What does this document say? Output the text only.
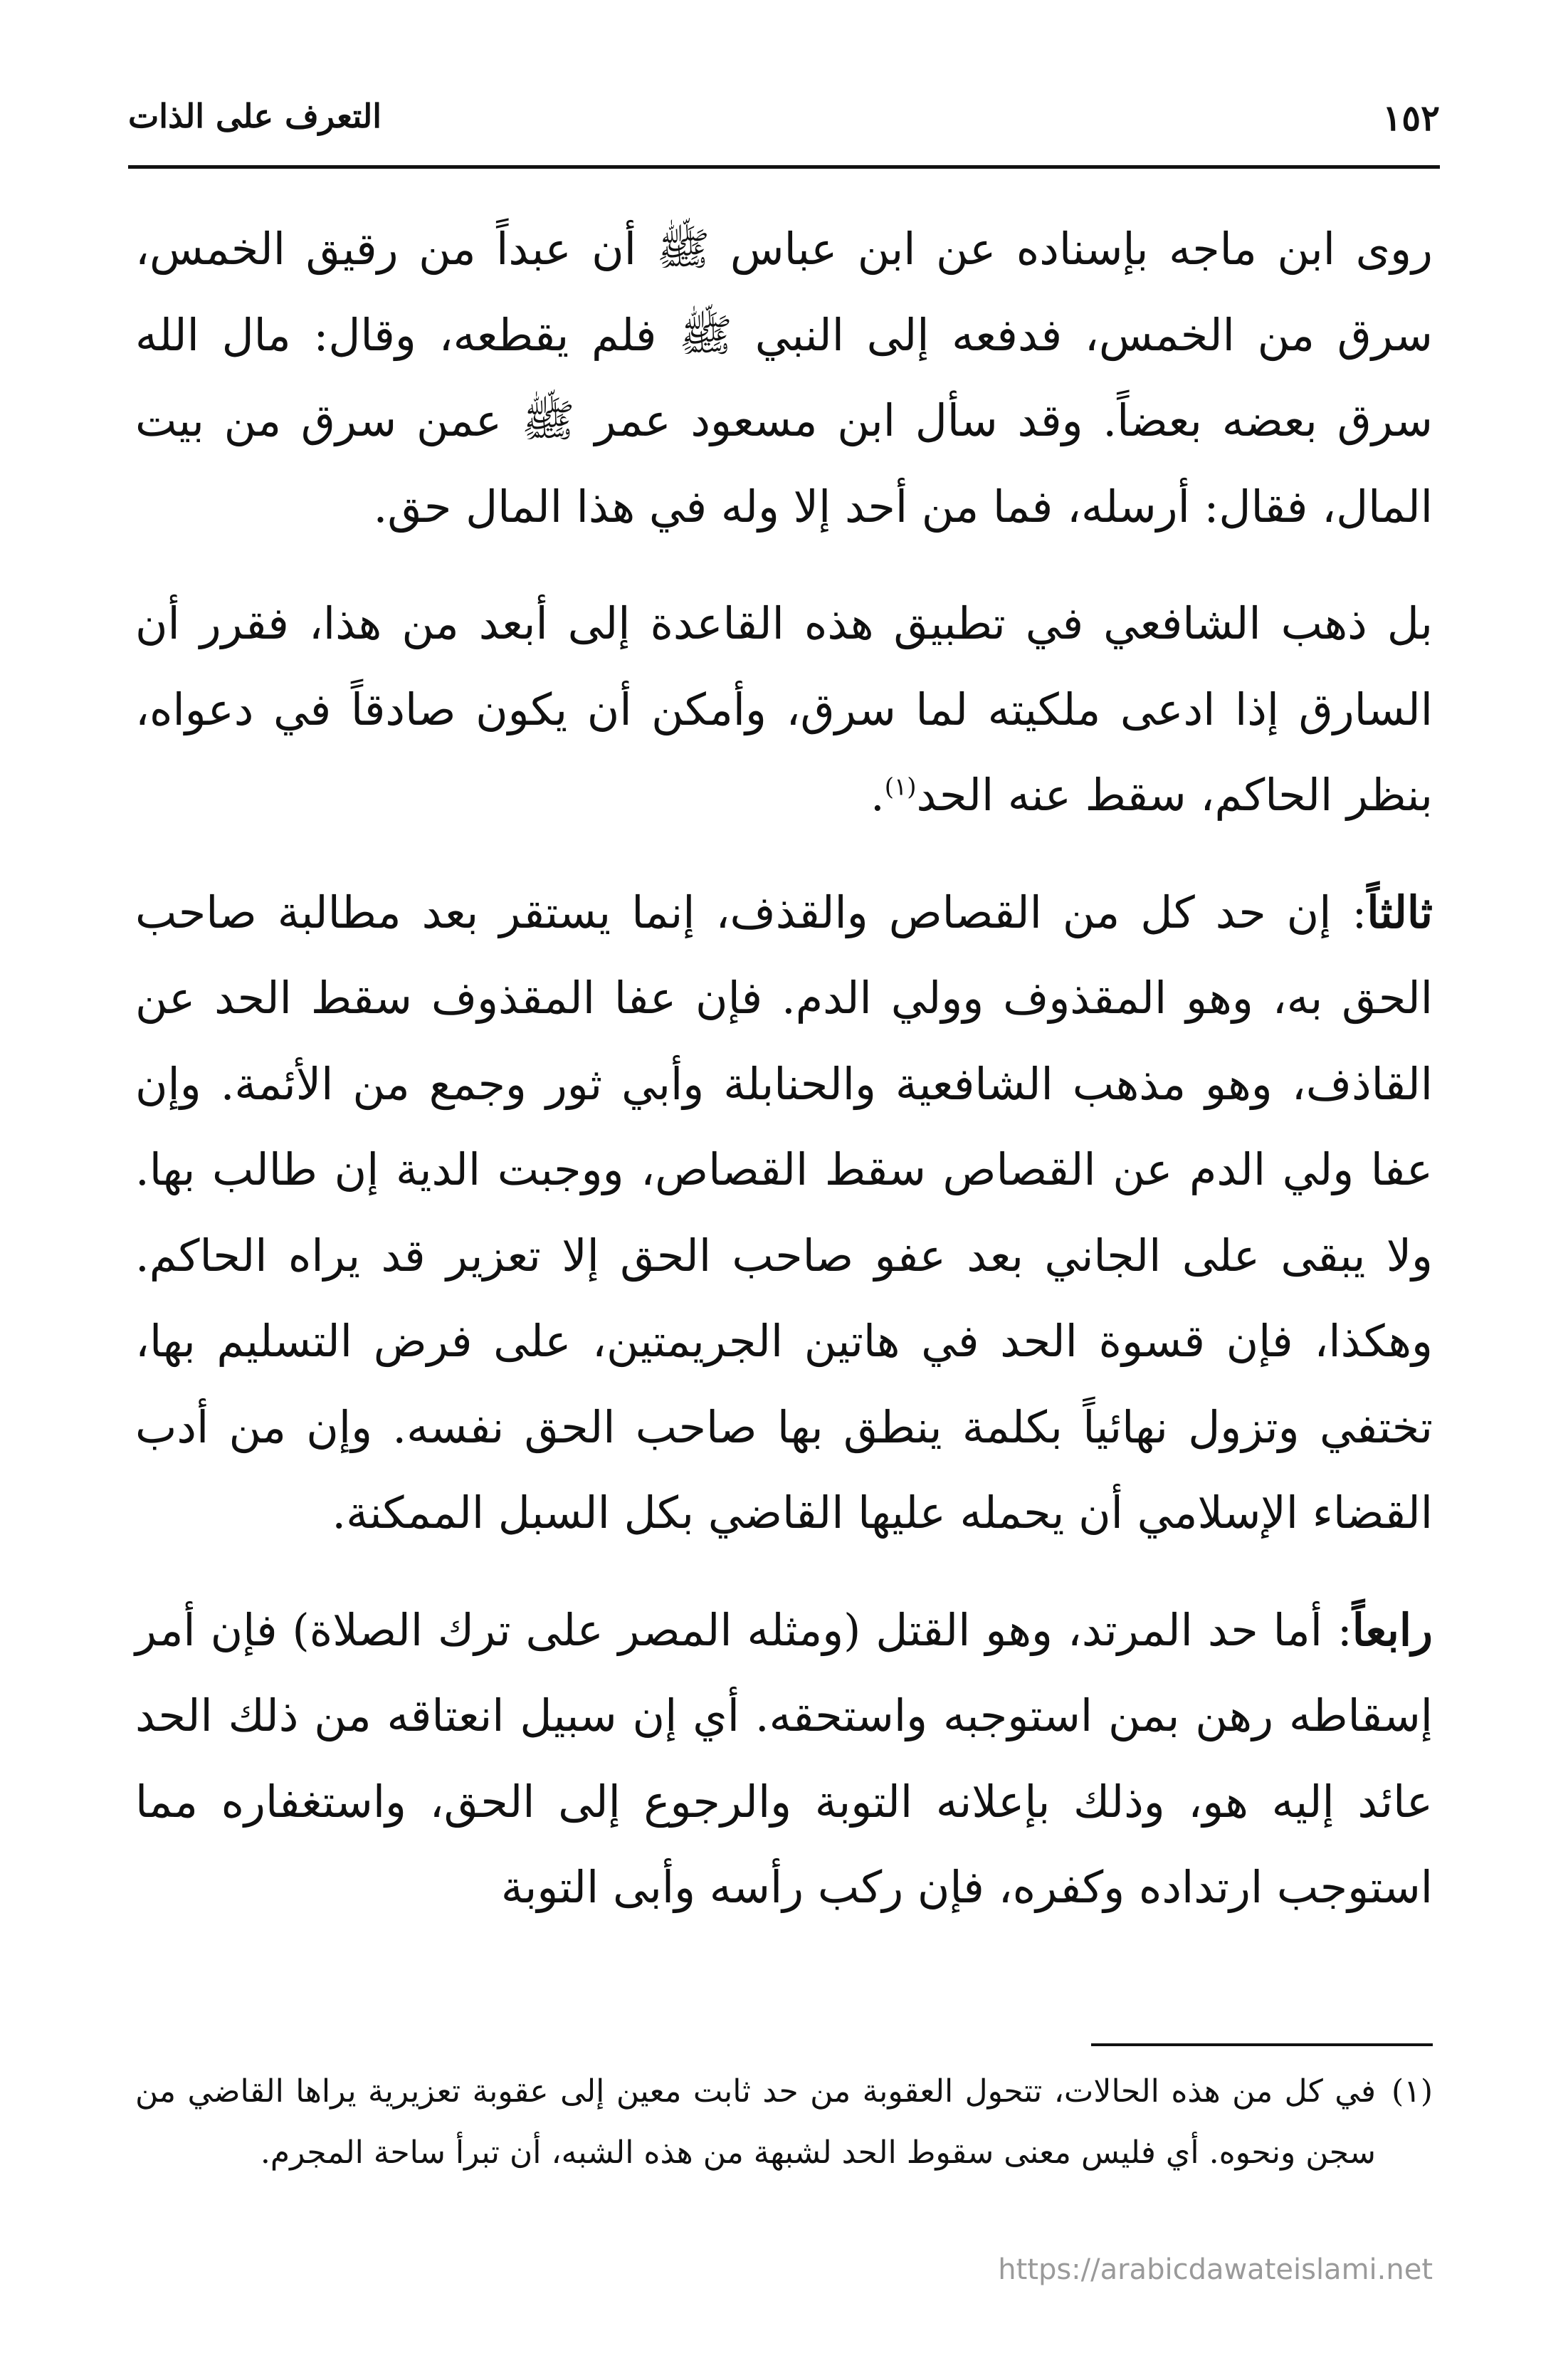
١٥٢
التعرف على الذات

روى ابن ماجه بإسناده عن ابن عباس ﷺ أن عبداً من رقيق الخمس، سرق من الخمس، فدفعه إلى النبي ﷺ فلم يقطعه، وقال: مال الله سرق بعضه بعضاً. وقد سأل ابن مسعود عمر ﷺ عمن سرق من بيت المال، فقال: أرسله، فما من أحد إلا وله في هذا المال حق.

بل ذهب الشافعي في تطبيق هذه القاعدة إلى أبعد من هذا، فقرر أن السارق إذا ادعى ملكيته لما سرق، وأمكن أن يكون صادقاً في دعواه، بنظر الحاكم، سقط عنه الحد$^{(١)}$.

ثالثاً: إن حد كل من القصاص والقذف، إنما يستقر بعد مطالبة صاحب الحق به، وهو المقذوف وولي الدم. فإن عفا المقذوف سقط الحد عن القاذف، وهو مذهب الشافعية والحنابلة وأبي ثور وجمع من الأئمة. وإن عفا ولي الدم عن القصاص سقط القصاص، ووجبت الدية إن طالب بها. ولا يبقى على الجاني بعد عفو صاحب الحق إلا تعزير قد يراه الحاكم. وهكذا، فإن قسوة الحد في هاتين الجريمتين، على فرض التسليم بها، تختفي وتزول نهائياً بكلمة ينطق بها صاحب الحق نفسه. وإن من أدب القضاء الإسلامي أن يحمله عليها القاضي بكل السبل الممكنة.

رابعاً: أما حد المرتد، وهو القتل (ومثله المصر على ترك الصلاة) فإن أمر إسقاطه رهن بمن استوجبه واستحقه. أي إن سبيل انعتاقه من ذلك الحد عائد إليه هو، وذلك بإعلانه التوبة والرجوع إلى الحق، واستغفاره مما استوجب ارتداده وكفره، فإن ركب رأسه وأبى التوبة

(١)
في كل من هذه الحالات، تتحول العقوبة من حد ثابت معين إلى عقوبة تعزيرية يراها القاضي من سجن ونحوه. أي فليس معنى سقوط الحد لشبهة من هذه الشبه، أن تبرأ ساحة المجرم.
https://arabicdawateislami.net
